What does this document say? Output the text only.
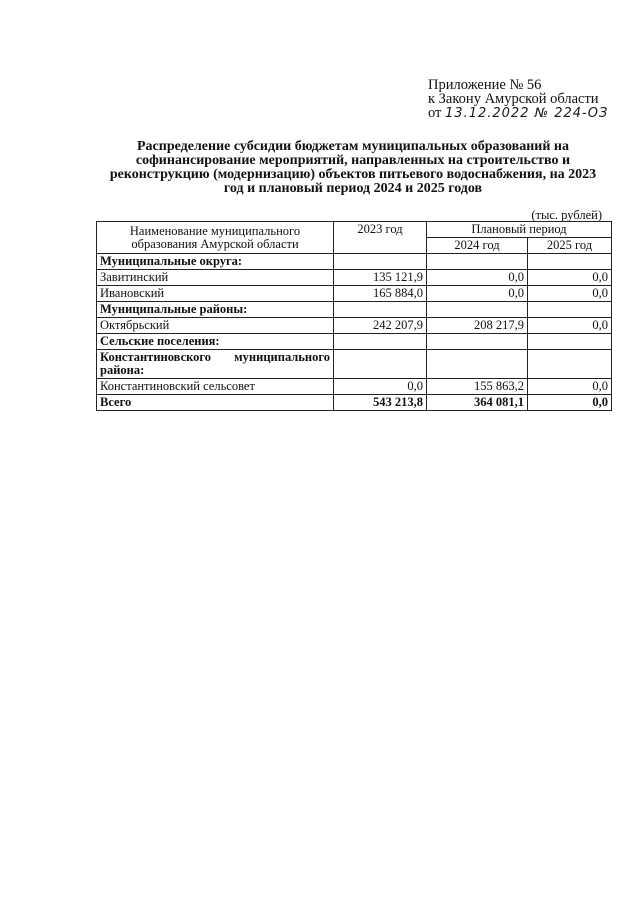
Приложение № 56
к Закону Амурской области
от 13.12.2022 № 224-ОЗ
Распределение субсидии бюджетам муниципальных образований на софинансирование мероприятий, направленных на строительство и реконструкцию (модернизацию) объектов питьевого водоснабжения, на 2023 год и плановый период 2024 и 2025 годов
(тыс. рублей)
Наименование муниципального образования Амурской области	2023 год	Плановый период	
		2024 год	2025 год
Муниципальные округа:			
Завитинский	135 121,9	0,0	0,0
Ивановский	165 884,0	0,0	0,0
Муниципальные районы:			
Октябрьский	242 207,9	208 217,9	0,0
Сельские поселения:			
Константиновского муниципального района:			
Константиновский сельсовет	0,0	155 863,2	0,0
Всего	543 213,8	364 081,1	0,0
